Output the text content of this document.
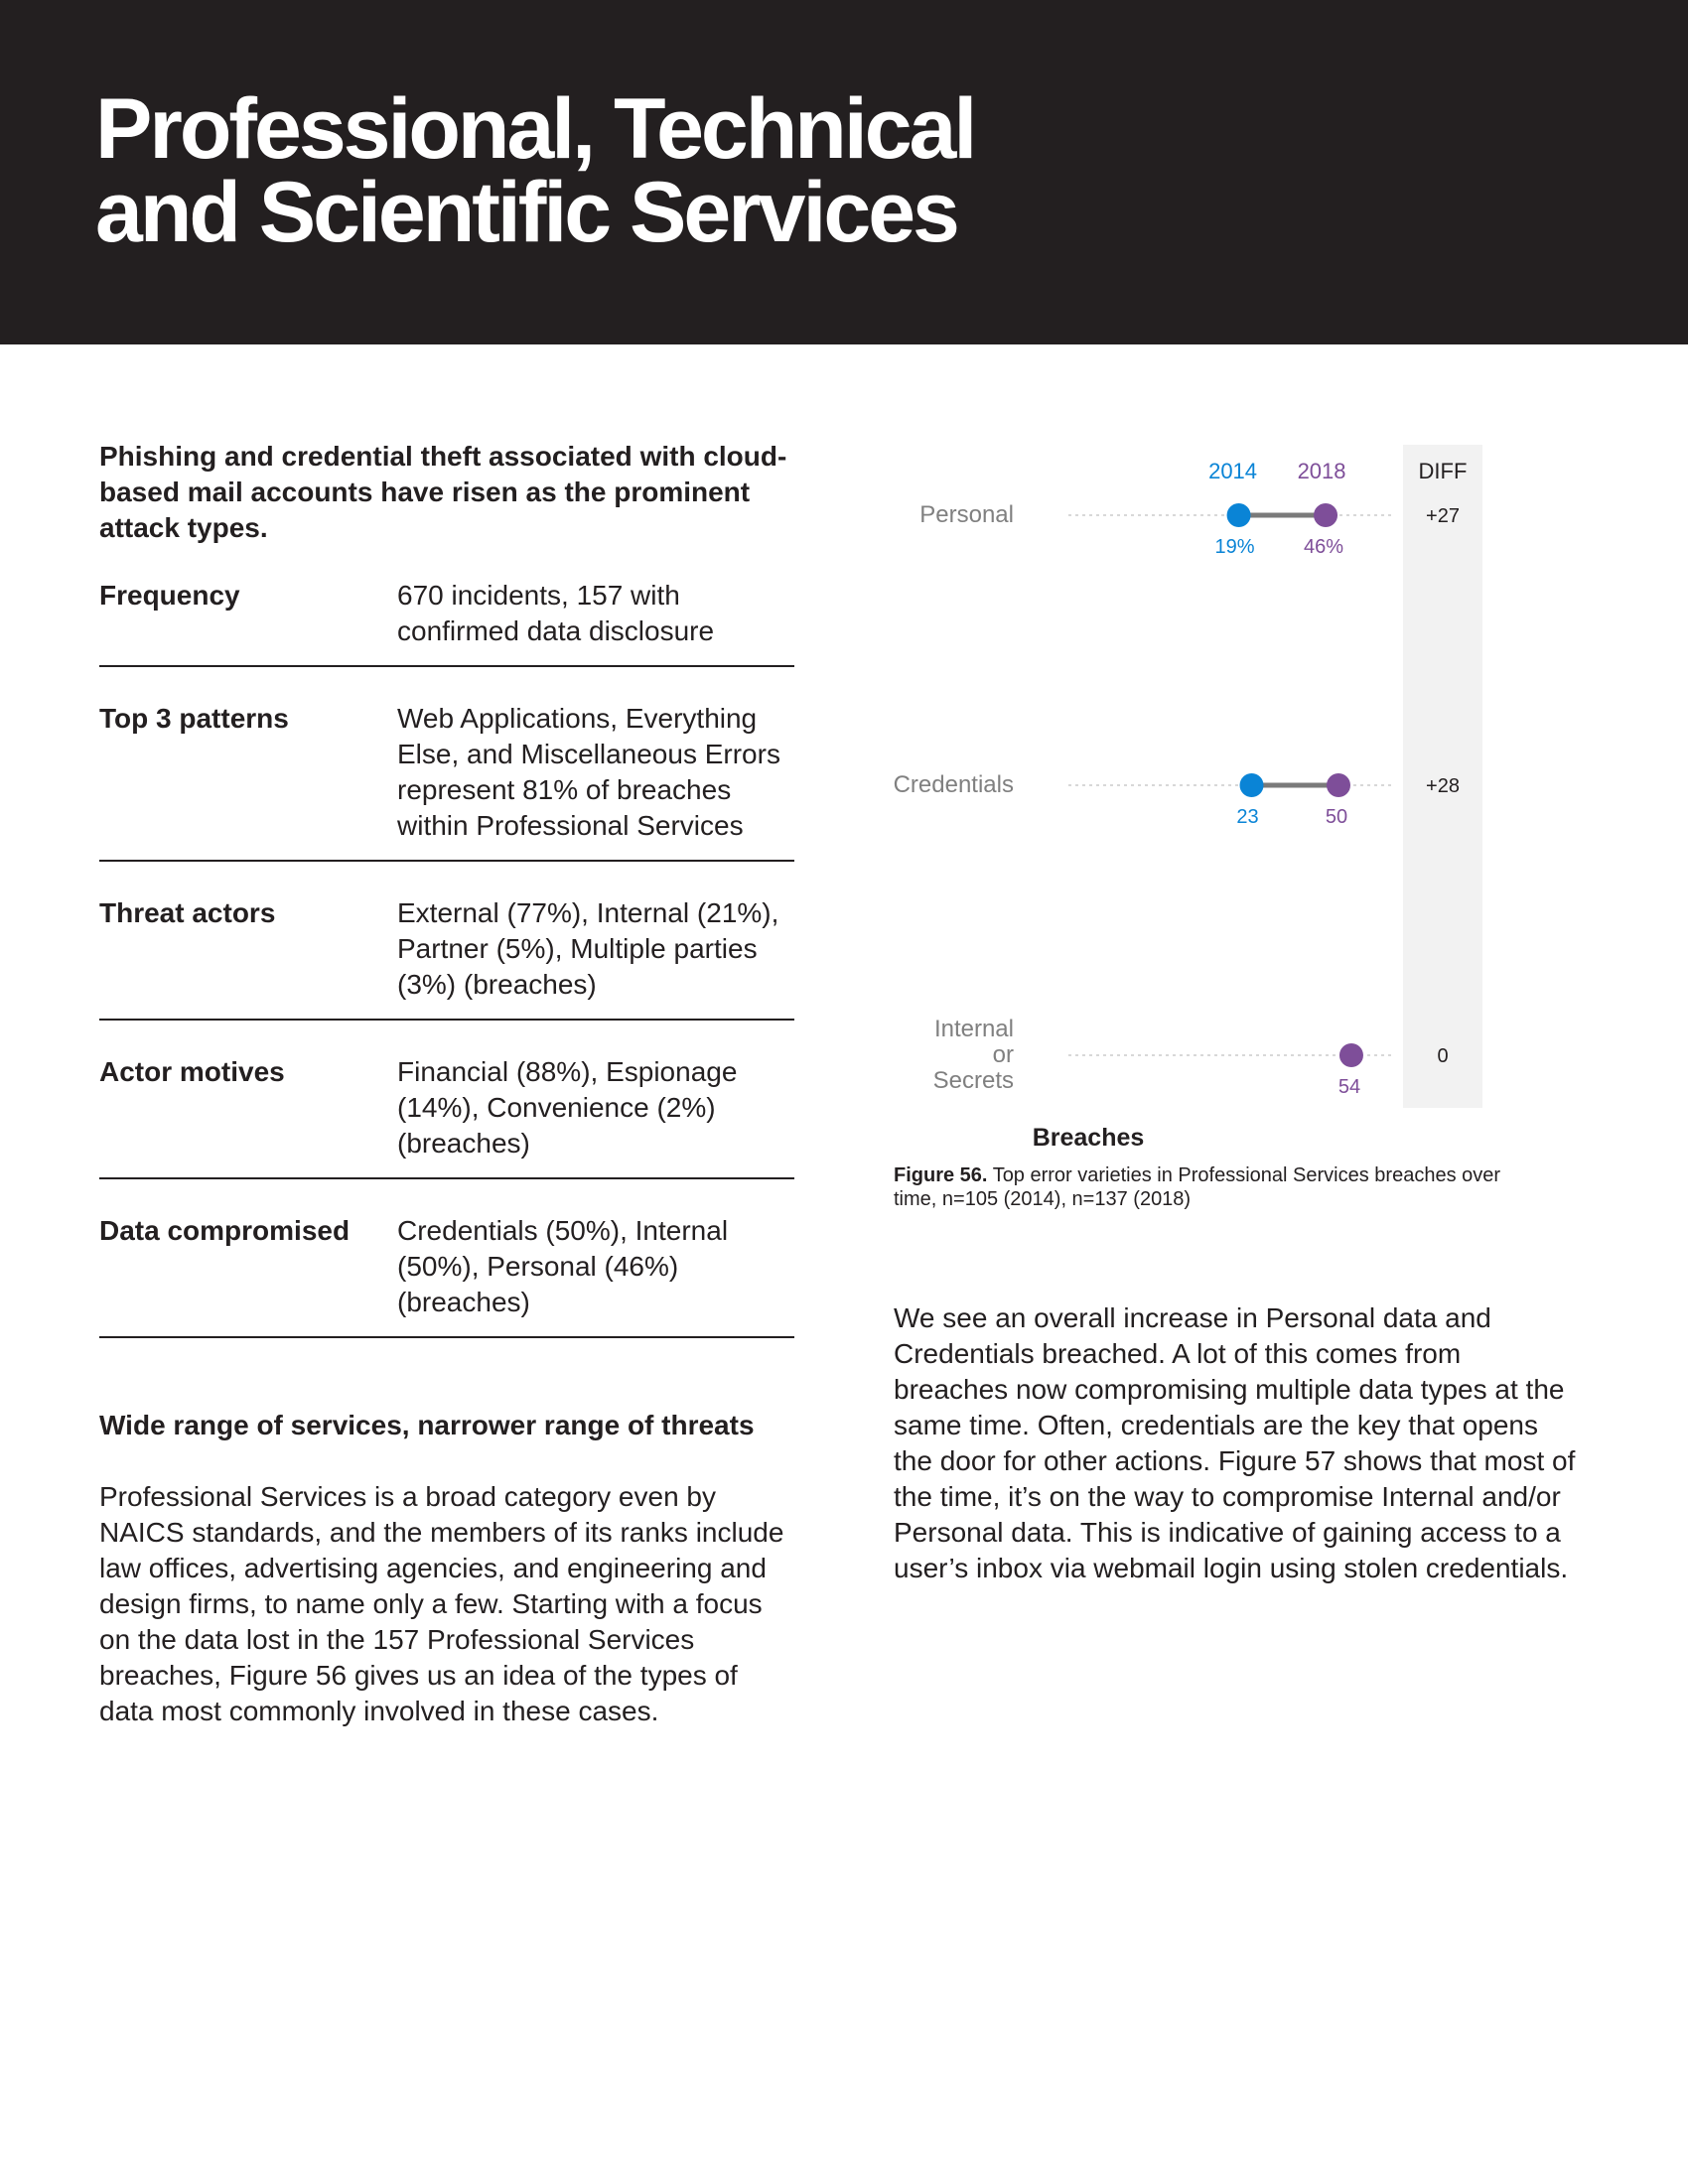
Professional, Technical
and Scientific Services

Phishing and credential theft associated with cloud-based mail accounts have risen as the prominent attack types.

Frequency	670 incidents, 157 with confirmed data disclosure
Top 3 patterns	Web Applications, Everything Else, and Miscellaneous Errors represent 81% of breaches within Professional Services
Threat actors	External (77%), Internal (21%), Partner (5%), Multiple parties (3%) (breaches)
Actor motives	Financial (88%), Espionage (14%), Convenience (2%) (breaches)
Data compromised	Credentials (50%), Internal (50%), Personal (46%) (breaches)
Wide range of services, narrower range of threats

Professional Services is a broad category even by NAICS standards, and the members of its ranks include law offices, advertising agencies, and engineering and design firms, to name only a few. Starting with a focus on the data lost in the 157 Professional Services breaches, Figure 56 gives us an idea of the types of data most commonly involved in these cases.

DIFF
2014 2018
Personal
19% 46%
+27
Credentials
23	50
+28
Internal
or
Secrets	54
0
Breaches

Figure 56. Top error varieties in Professional Services breaches over time, n=105 (2014), n=137 (2018)

We see an overall increase in Personal data and Credentials breached. A lot of this comes from breaches now compromising multiple data types at the same time. Often, credentials are the key that opens the door for other actions. Figure 57 shows that most of the time, it’s on the way to compromise Internal and/or Personal data. This is indicative of gaining access to a user’s inbox via webmail login using stolen credentials.
